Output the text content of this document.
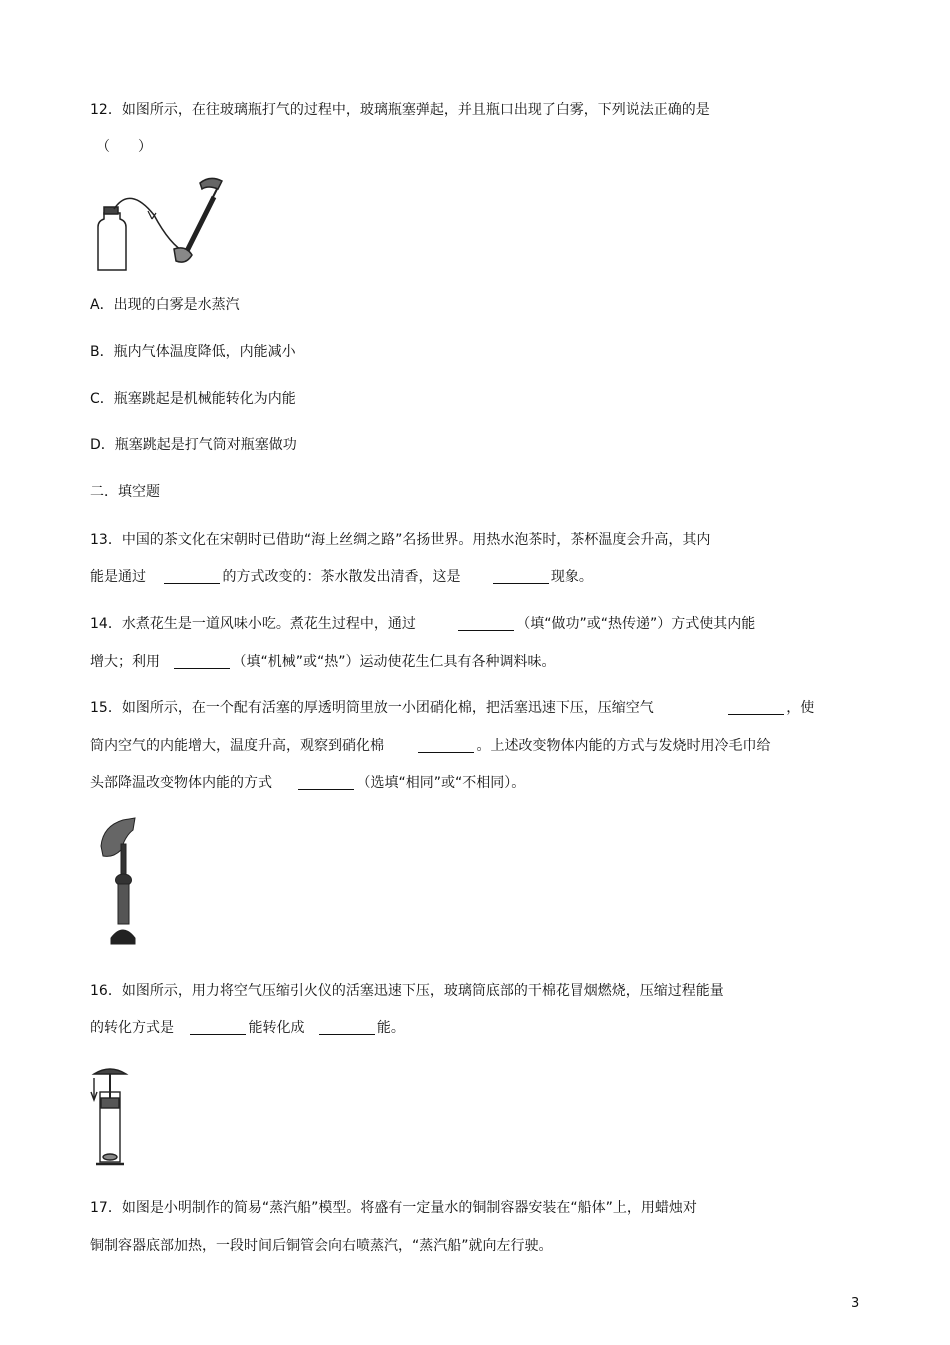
12．如图所示，在往玻璃瓶打气的过程中，玻璃瓶塞弹起，并且瓶口出现了白雾，下列说法正确的是
（　　）
A．出现的白雾是水蒸汽
B．瓶内气体温度降低，内能减小
C．瓶塞跳起是机械能转化为内能
D．瓶塞跳起是打气筒对瓶塞做功
二．填空题
13．中国的茶文化在宋朝时已借助“海上丝绸之路”名扬世界。用热水泡茶时，茶杯温度会升高，其内
能是通过	的方式改变的：茶水散发出清香，这是	现象。
14．水煮花生是一道风味小吃。煮花生过程中，通过	（填“做功”或“热传递”）方式使其内能
增大；利用	（填“机械”或“热”）运动使花生仁具有各种调料味。
15．如图所示，在一个配有活塞的厚透明筒里放一小团硝化棉，把活塞迅速下压，压缩空气	，使
筒内空气的内能增大，温度升高，观察到硝化棉	。上述改变物体内能的方式与发烧时用冷毛巾给
头部降温改变物体内能的方式	（选填“相同”或“不相同）。
16．如图所示，用力将空气压缩引火仪的活塞迅速下压，玻璃筒底部的干棉花冒烟燃烧，压缩过程能量
的转化方式是	能转化成	能。
17．如图是小明制作的简易“蒸汽船”模型。将盛有一定量水的铜制容器安装在“船体”上，用蜡烛对
铜制容器底部加热，一段时间后铜管会向右喷蒸汽，“蒸汽船”就向左行驶。
3
